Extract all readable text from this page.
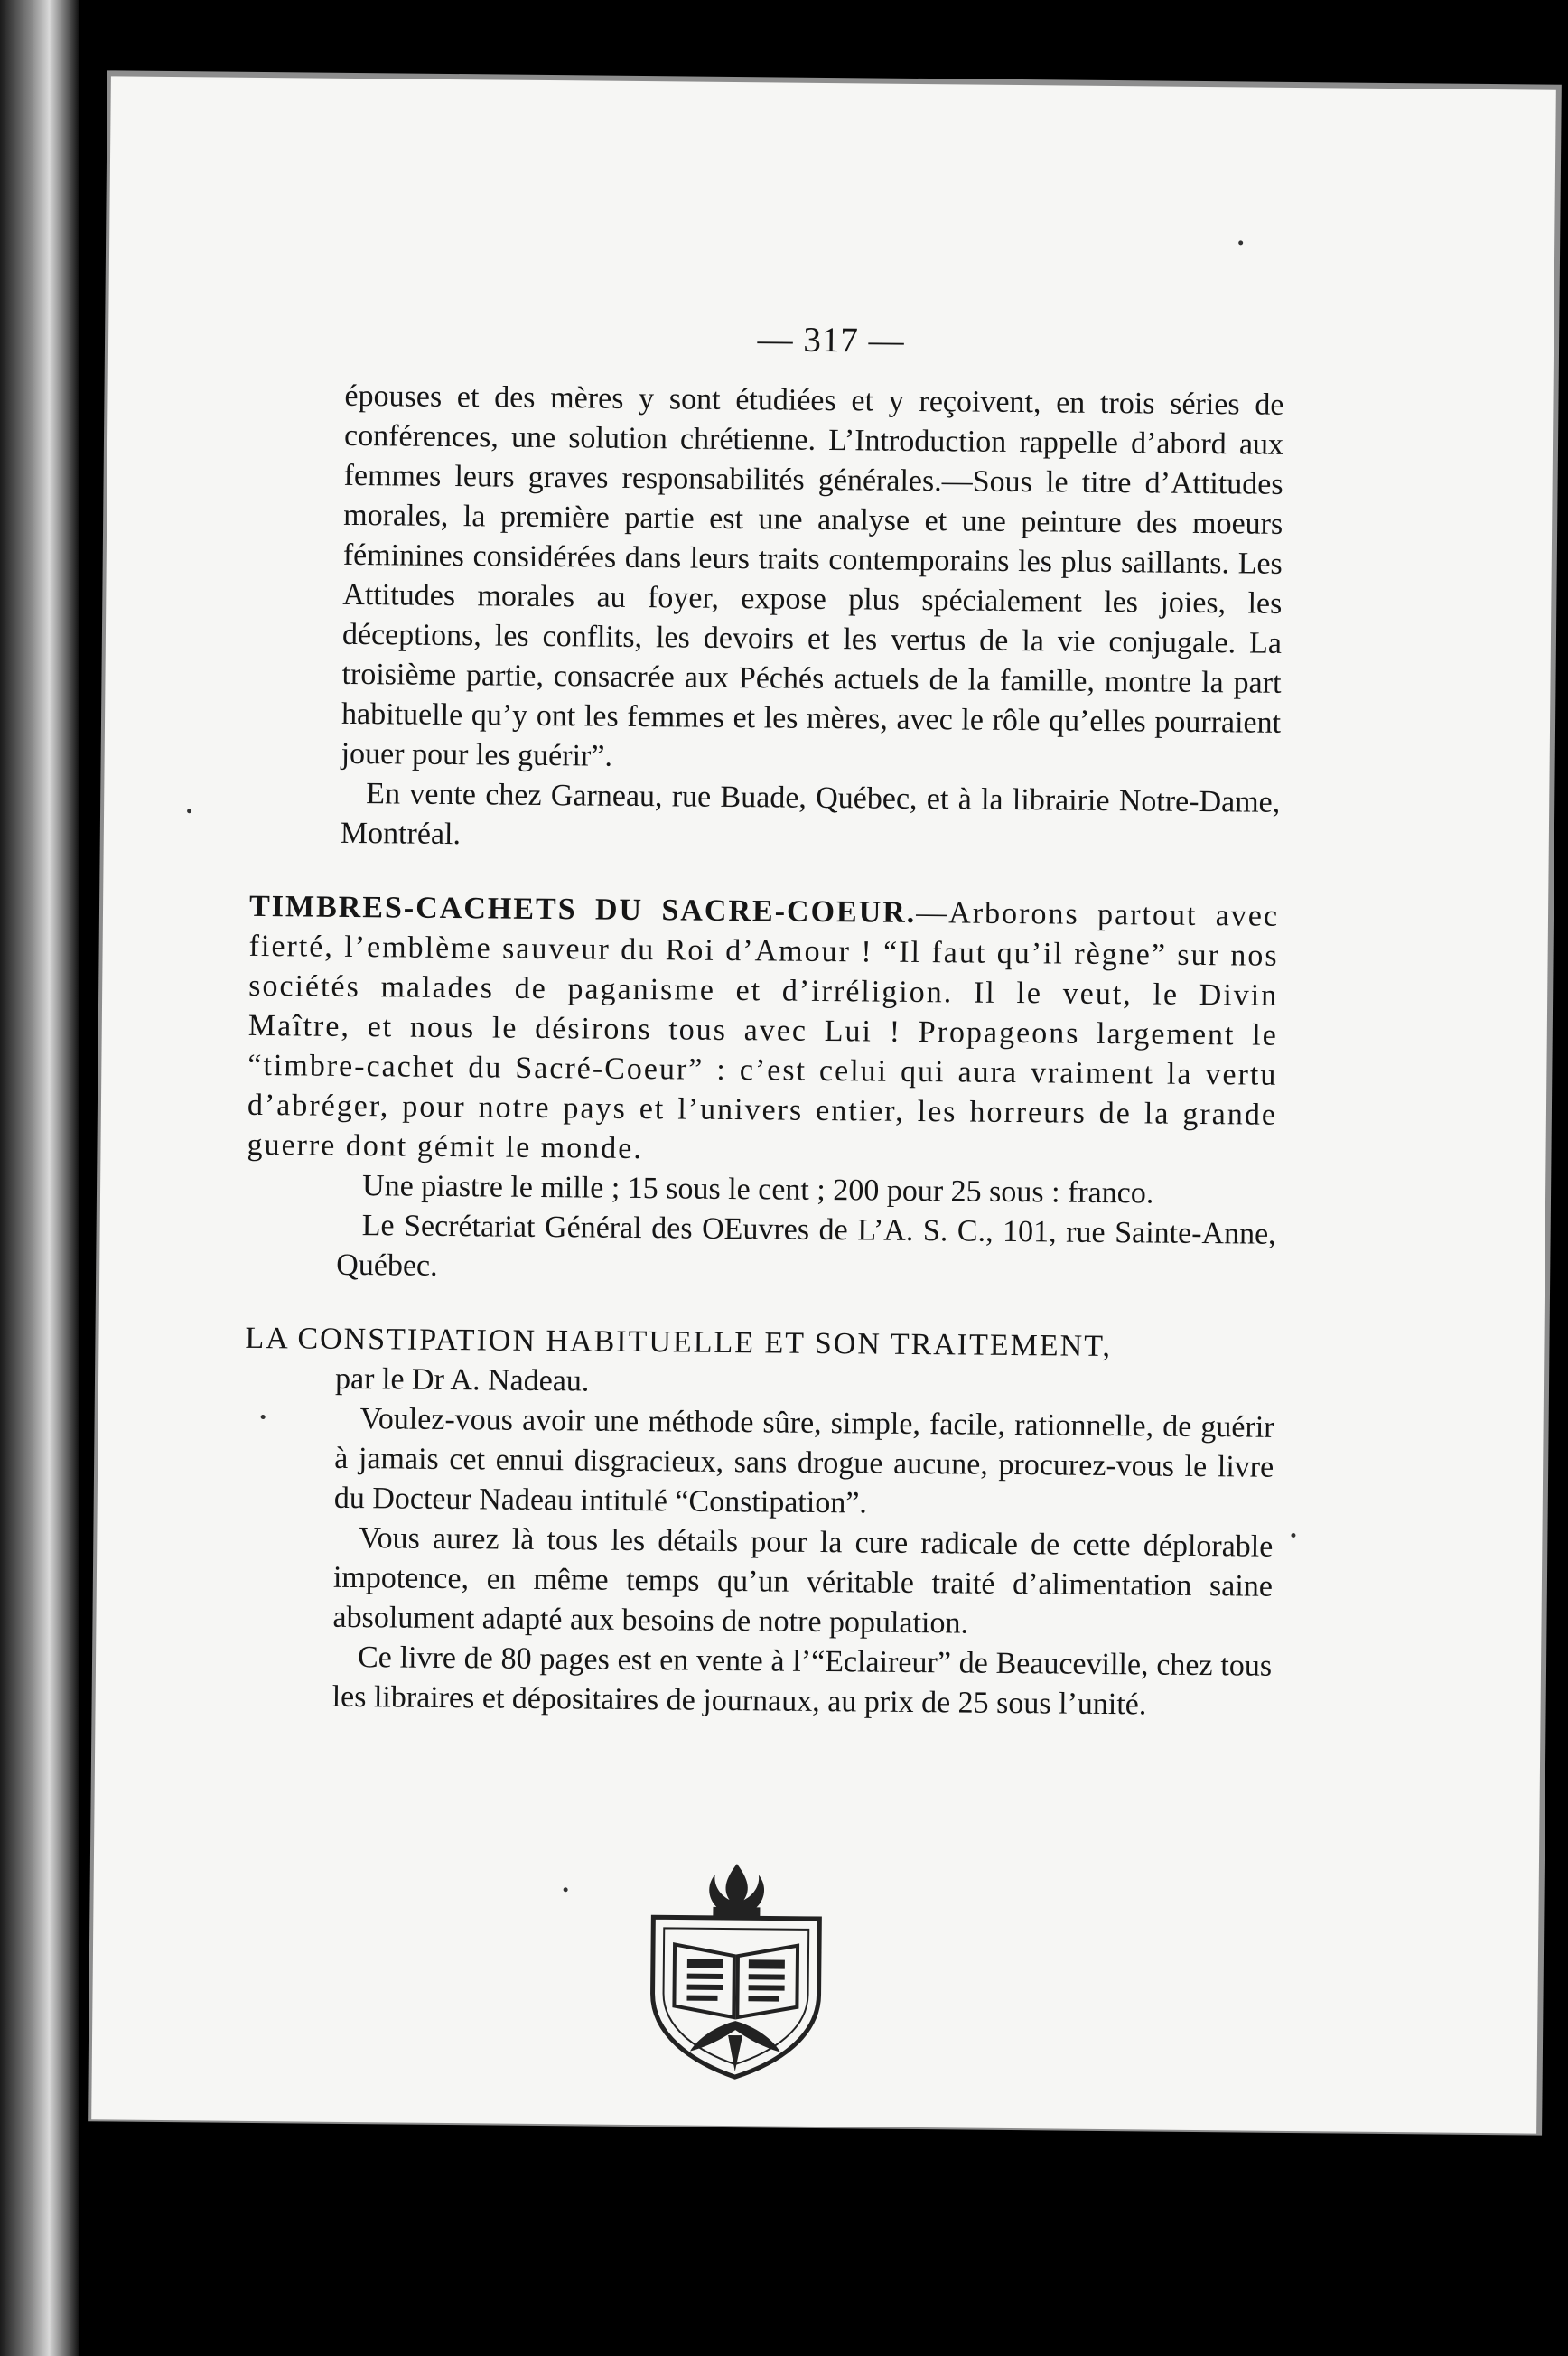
— 317 —

épouses et des mères y sont étudiées et y reçoivent, en trois séries de conférences, une solution chrétienne. L’Introduction rappelle d’abord aux femmes leurs graves responsabilités générales.—Sous le titre d’Attitudes morales, la première partie est une analyse et une peinture des moeurs féminines considérées dans leurs traits contemporains les plus saillants. Les Attitudes morales au foyer, expose plus spécialement les joies, les déceptions, les conflits, les devoirs et les vertus de la vie conjugale. La troisième partie, consacrée aux Péchés actuels de la famille, montre la part habituelle qu’y ont les femmes et les mères, avec le rôle qu’elles pourraient jouer pour les guérir”.

En vente chez Garneau, rue Buade, Québec, et à la librairie Notre-Dame, Montréal.

TIMBRES-CACHETS DU SACRE-COEUR.—Arborons partout avec fierté, l’emblème sauveur du Roi d’Amour ! “Il faut qu’il règne” sur nos sociétés malades de paganisme et d’irréligion. Il le veut, le Divin Maître, et nous le désirons tous avec Lui ! Propageons largement le “timbre-cachet du Sacré-Coeur” : c’est celui qui aura vraiment la vertu d’abréger, pour notre pays et l’univers entier, les horreurs de la grande guerre dont gémit le monde.

Une piastre le mille ; 15 sous le cent ; 200 pour 25 sous : franco.

Le Secrétariat Général des OEuvres de L’A. S. C., 101, rue Sainte-Anne, Québec.

LA CONSTIPATION HABITUELLE ET SON TRAITEMENT,

par le Dr A. Nadeau.

Voulez-vous avoir une méthode sûre, simple, facile, rationnelle, de guérir à jamais cet ennui disgracieux, sans drogue aucune, procurez-vous le livre du Docteur Nadeau intitulé “Constipation”.

Vous aurez là tous les détails pour la cure radicale de cette déplorable impotence, en même temps qu’un véritable traité d’alimentation saine absolument adapté aux besoins de notre population.

Ce livre de 80 pages est en vente à l’“Eclaireur” de Beauceville, chez tous les libraires et dépositaires de journaux, au prix de 25 sous l’unité.
